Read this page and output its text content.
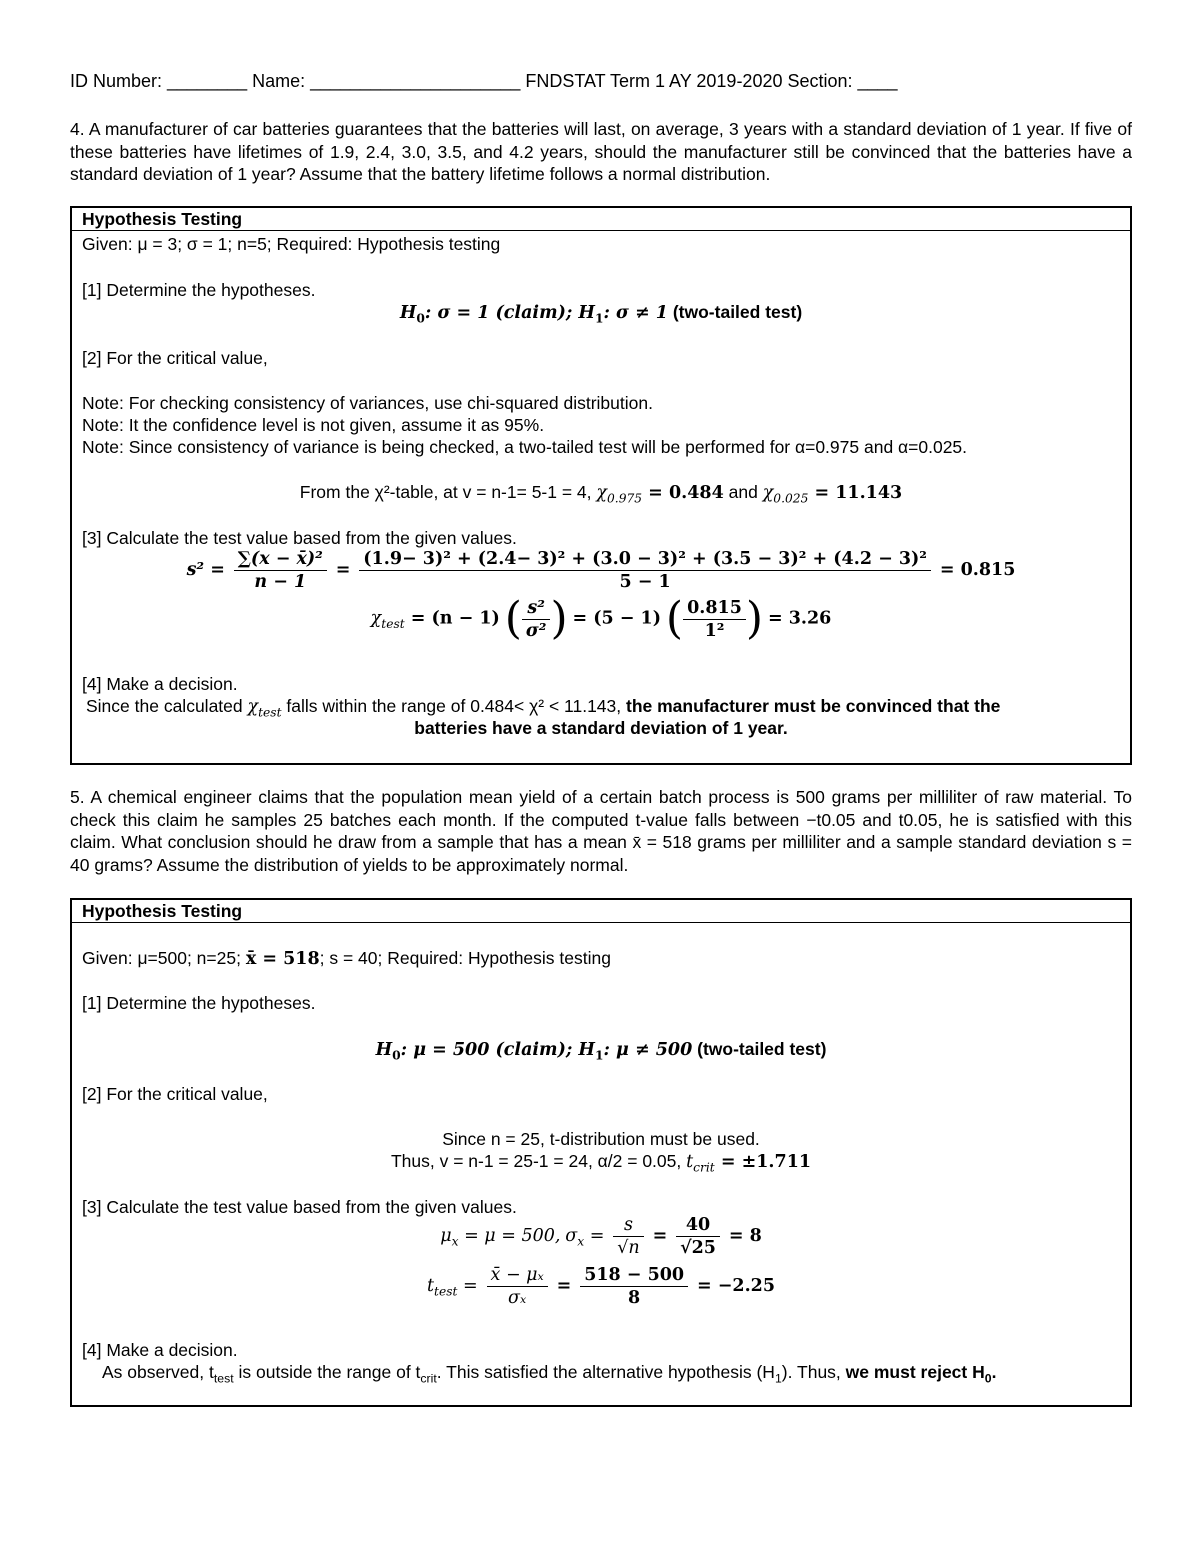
ID Number: ________ Name: _____________________ FNDSTAT Term 1 AY 2019-2020 Section: ____
4. A manufacturer of car batteries guarantees that the batteries will last, on average, 3 years with a standard deviation of 1 year. If five of these batteries have lifetimes of 1.9, 2.4, 3.0, 3.5, and 4.2 years, should the manufacturer still be convinced that the batteries have a standard deviation of 1 year? Assume that the battery lifetime follows a normal distribution.
Hypothesis Testing
Given: μ = 3; σ = 1; n=5; Required: Hypothesis testing
[1] Determine the hypotheses.
$H_0$: σ = 1 (claim); $H_1$: σ ≠ 1 (two-tailed test)
[2] For the critical value,
Note: For checking consistency of variances, use chi-squared distribution.
Note: It the confidence level is not given, assume it as 95%.
Note: Since consistency of variance is being checked, a two-tailed test will be performed for α=0.975 and α=0.025.
From the χ²-table, at v = n-1= 5-1 = 4, $\chi_{0.975} = 0.484$ and $\chi_{0.025} = 11.143$
[3] Calculate the test value based from the given values.
$s^2 = \frac{\text{∑(x − x̄)²}}{n - 1} = \frac{\text{(1.9− 3)² + (2.4− 3)² + (3.0 − 3)² + (3.5 − 3)² + (4.2 − 3)²}}{5 - 1} = 0.815$
$\chi_{test} = (n - 1)$ ( $\frac{\text{s²}}{\text{σ²}}$ ) = (5 − 1) ( $\frac{0.815}{\text{1²}}$ ) = 3.26
[4] Make a decision.
Since the calculated $\chi_{test}$ falls within the range of 0.484< χ² < 11.143, the manufacturer must be convinced that the
batteries have a standard deviation of 1 year.
5. A chemical engineer claims that the population mean yield of a certain batch process is 500 grams per milliliter of raw material. To check this claim he samples 25 batches each month. If the computed t-value falls between −t0.05 and t0.05, he is satisfied with this claim. What conclusion should he draw from a sample that has a mean x̄ = 518 grams per milliliter and a sample standard deviation s = 40 grams? Assume the distribution of yields to be approximately normal.
Hypothesis Testing
Given: μ=500; n=25; x̄ = 518; s = 40; Required: Hypothesis testing
[1] Determine the hypotheses.
$H_0$: μ = 500 (claim); $H_1$: μ ≠ 500 (two-tailed test)
[2] For the critical value,
Since n = 25, t-distribution must be used.
Thus, v = n-1 = 25-1 = 24, α/2 = 0.05, $t_{crit} = \pm 1.711$
[3] Calculate the test value based from the given values.
$\mu_x = \mu = 500$, $\sigma_x = \frac{s}{√n} = \frac{40}{√25} = 8$
$t_{test} = \frac{\text{x̄ − μₓ}}{\text{σₓ}} = \frac{518 - 500}{8} = -2.25$
[4] Make a decision.
As observed, $t_{test}$ is outside the range of $t_{crit}$. This satisfied the alternative hypothesis $(H_1)$. Thus, we must reject $H_0$.
